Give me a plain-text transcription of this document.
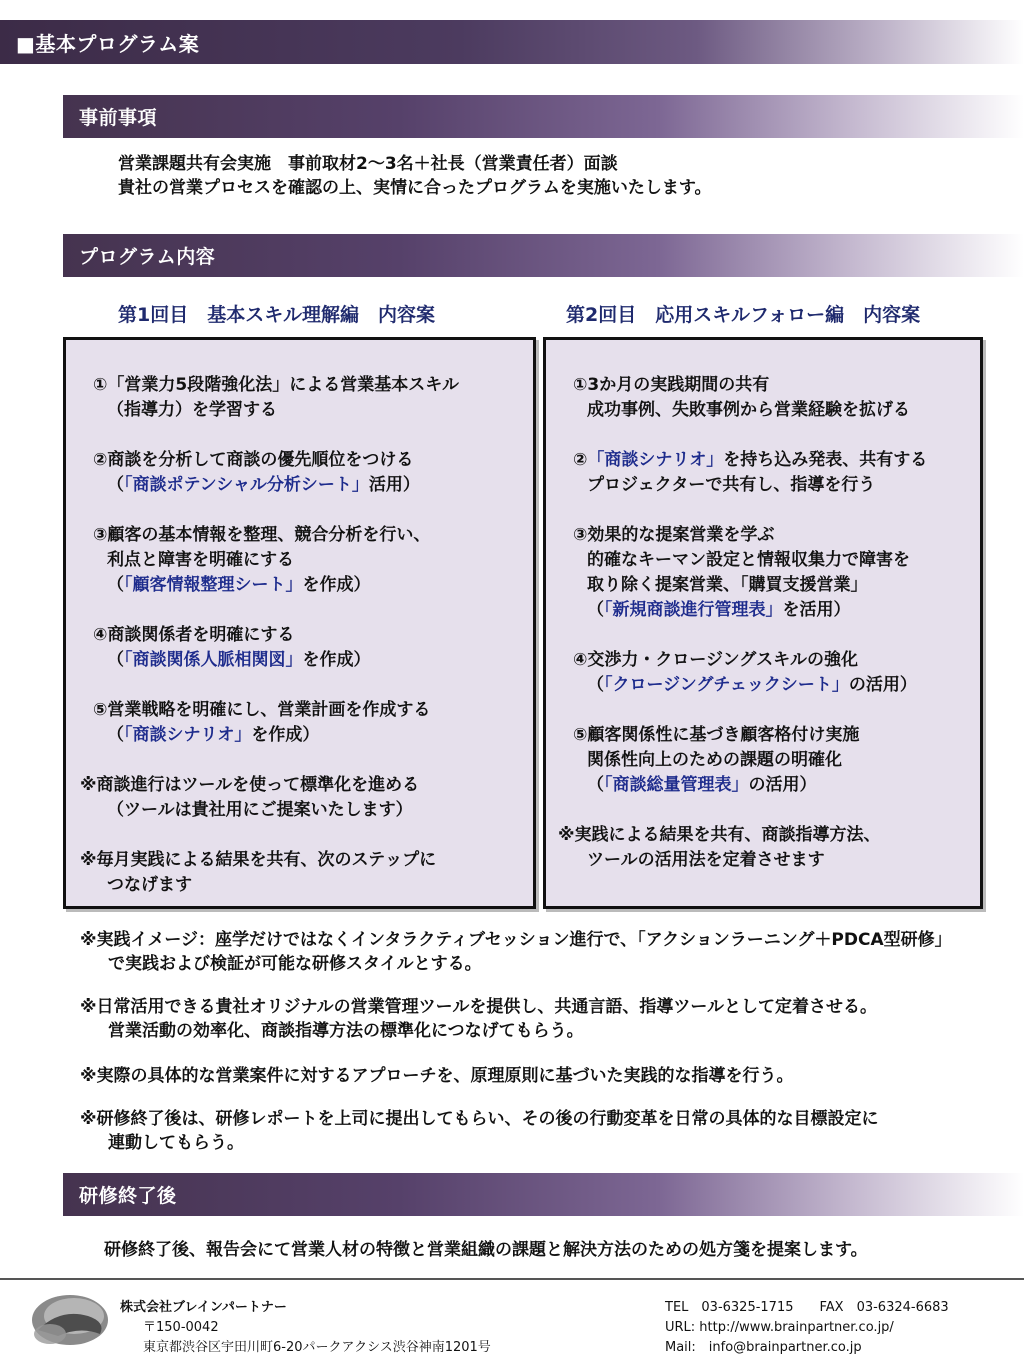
■基本プログラム案
事前事項
営業課題共有会実施　事前取材2～3名＋社長（営業責任者）面談
貴社の営業プロセスを確認の上、実情に合ったプログラムを実施いたします。
プログラム内容
第1回目　基本スキル理解編　内容案	第2回目　応用スキルフォロー編　内容案
①「営業力5段階強化法」による営業基本スキル
（指導力）を学習する
②商談を分析して商談の優先順位をつける
（「商談ポテンシャル分析シート」活用）
③顧客の基本情報を整理、競合分析を行い、
利点と障害を明確にする
（「顧客情報整理シート」を作成）
④商談関係者を明確にする
（「商談関係人脈相関図」を作成）
⑤営業戦略を明確にし、営業計画を作成する
（「商談シナリオ」を作成）
※商談進行はツールを使って標準化を進める
（ツールは貴社用にご提案いたします）
※毎月実践による結果を共有、次のステップに
つなげます
①3か月の実践期間の共有
成功事例、失敗事例から営業経験を拡げる
②「商談シナリオ」を持ち込み発表、共有する
プロジェクターで共有し、指導を行う
③効果的な提案営業を学ぶ
的確なキーマン設定と情報収集力で障害を
取り除く提案営業、「購買支援営業」
（「新規商談進行管理表」を活用）
④交渉力・クロージングスキルの強化
（「クロージングチェックシート」の活用）
⑤顧客関係性に基づき顧客格付け実施
関係性向上のための課題の明確化
（「商談総量管理表」の活用）
※実践による結果を共有、商談指導方法、
ツールの活用法を定着させます
※実践イメージ：座学だけではなくインタラクティブセッション進行で、「アクションラーニング＋PDCA型研修」
で実践および検証が可能な研修スタイルとする。
※日常活用できる貴社オリジナルの営業管理ツールを提供し、共通言語、指導ツールとして定着させる。
営業活動の効率化、商談指導方法の標準化につなげてもらう。
※実際の具体的な営業案件に対するアプローチを、原理原則に基づいた実践的な指導を行う。
※研修終了後は、研修レポートを上司に提出してもらい、その後の行動変革を日常の具体的な目標設定に
連動してもらう。
研修終了後
研修終了後、報告会にて営業人材の特徴と営業組織の課題と解決方法のための処方箋を提案します。
株式会社ブレインパートナー
〒150-0042
東京都渋谷区宇田川町6-20パークアクシス渋谷神南1201号
TEL　03-6325-1715　　FAX　03-6324-6683
URL: http://www.brainpartner.co.jp/
Mail:　info@brainpartner.co.jp
